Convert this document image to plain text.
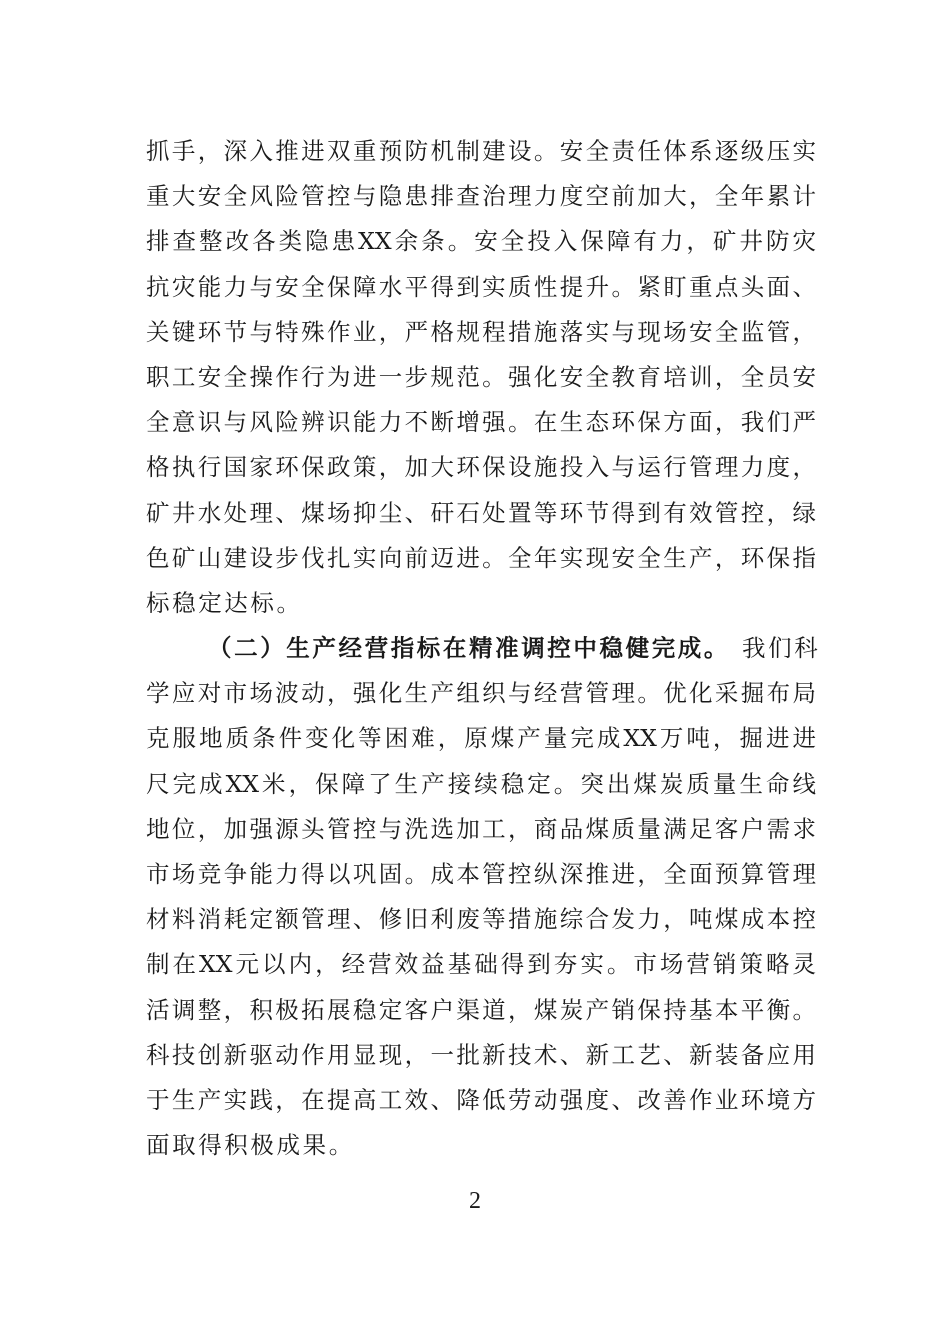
抓手，深入推进双重预防机制建设。安全责任体系逐级压实
重大安全风险管控与隐患排查治理力度空前加大，全年累计
排查整改各类隐患XX余条。安全投入保障有力，矿井防灾
抗灾能力与安全保障水平得到实质性提升。紧盯重点头面、
关键环节与特殊作业，严格规程措施落实与现场安全监管，
职工安全操作行为进一步规范。强化安全教育培训，全员安
全意识与风险辨识能力不断增强。在生态环保方面，我们严
格执行国家环保政策，加大环保设施投入与运行管理力度，
矿井水处理、煤场抑尘、矸石处置等环节得到有效管控，绿
色矿山建设步伐扎实向前迈进。全年实现安全生产，环保指
标稳定达标。
（二）生产经营指标在精准调控中稳健完成。 我们科
学应对市场波动，强化生产组织与经营管理。优化采掘布局
克服地质条件变化等困难，原煤产量完成XX万吨，掘进进
尺完成XX米，保障了生产接续稳定。突出煤炭质量生命线
地位，加强源头管控与洗选加工，商品煤质量满足客户需求
市场竞争能力得以巩固。成本管控纵深推进，全面预算管理
材料消耗定额管理、修旧利废等措施综合发力，吨煤成本控
制在XX元以内，经营效益基础得到夯实。市场营销策略灵
活调整，积极拓展稳定客户渠道，煤炭产销保持基本平衡。
科技创新驱动作用显现，一批新技术、新工艺、新装备应用
于生产实践，在提高工效、降低劳动强度、改善作业环境方
面取得积极成果。
2
